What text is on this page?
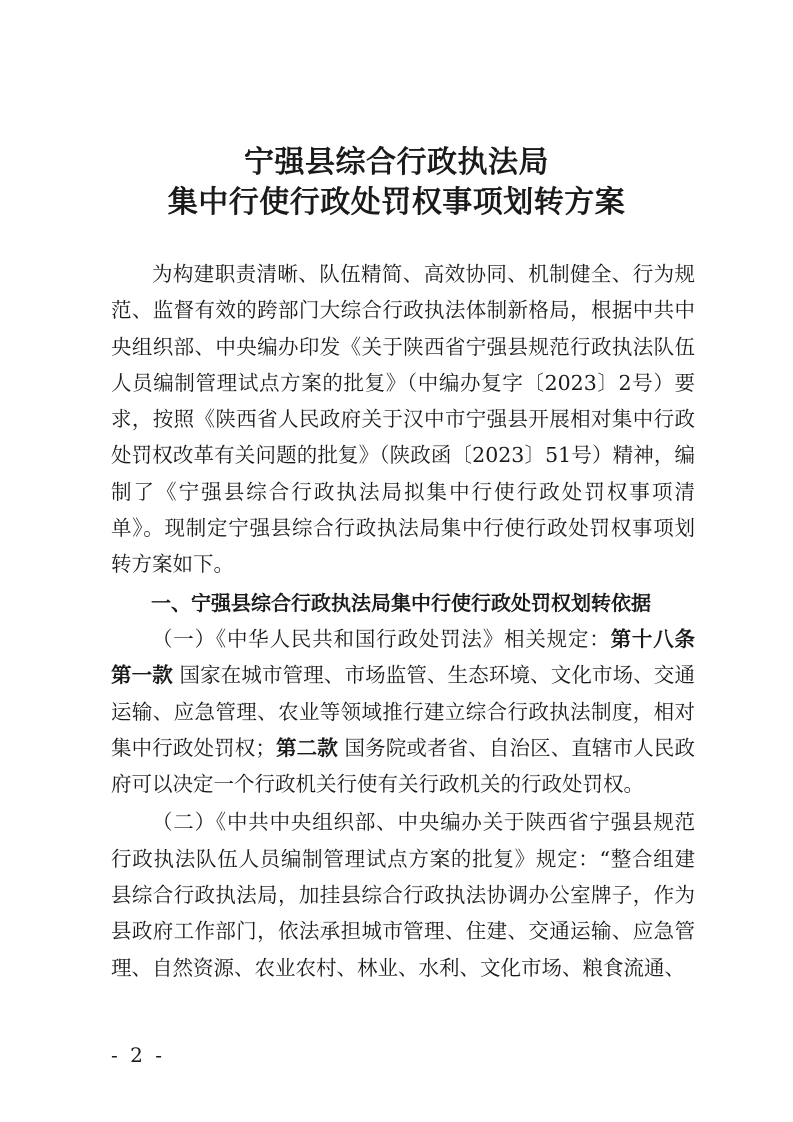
宁强县综合行政执法局
集中行使行政处罚权事项划转方案

为构建职责清晰、队伍精简、高效协同、机制健全、行为规范、监督有效的跨部门大综合行政执法体制新格局，根据中共中央组织部、中央编办印发《关于陕西省宁强县规范行政执法队伍人员编制管理试点方案的批复》（中编办复字〔2023〕2号）要求，按照《陕西省人民政府关于汉中市宁强县开展相对集中行政处罚权改革有关问题的批复》（陕政函〔2023〕51号）精神，编制了《宁强县综合行政执法局拟集中行使行政处罚权事项清单》。现制定宁强县综合行政执法局集中行使行政处罚权事项划转方案如下。

一、宁强县综合行政执法局集中行使行政处罚权划转依据

（一）《中华人民共和国行政处罚法》相关规定：第十八条第一款 国家在城市管理、市场监管、生态环境、文化市场、交通运输、应急管理、农业等领域推行建立综合行政执法制度，相对集中行政处罚权；第二款 国务院或者省、自治区、直辖市人民政府可以决定一个行政机关行使有关行政机关的行政处罚权。

（二）《中共中央组织部、中央编办关于陕西省宁强县规范行政执法队伍人员编制管理试点方案的批复》规定：“整合组建县综合行政执法局，加挂县综合行政执法协调办公室牌子，作为县政府工作部门，依法承担城市管理、住建、交通运输、应急管理、自然资源、农业农村、林业、水利、文化市场、粮食流通、

- 2 -
